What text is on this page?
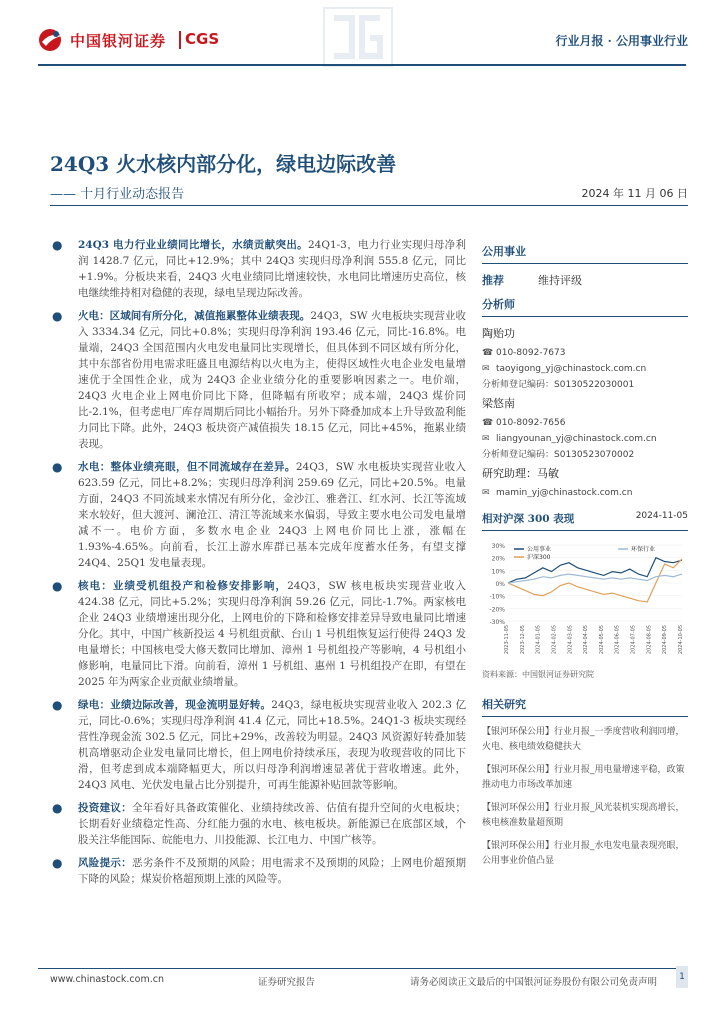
中国银河证券 CGS	行业月报 · 公用事业行业
24Q3 火水核内部分化，绿电边际改善
—— 十月行业动态报告	2024 年 11 月 06 日
● 24Q3 电力行业业绩同比增长，水绩贡献突出。24Q1-3，电力行业实现归母净利润 1428.7 亿元，同比+12.9%；其中 24Q3 实现归母净利润 555.8 亿元，同比+1.9%。分板块来看，24Q3 火电业绩同比增速较快，水电同比增速历史高位，核电继续维持相对稳健的表现，绿电呈现边际改善。
● 火电：区域间有所分化，减值拖累整体业绩表现。24Q3，SW 火电板块实现营业收入 3334.34 亿元，同比+0.8%；实现归母净利润 193.46 亿元，同比-16.8%。电量端，24Q3 全国范围内火电发电量同比实现增长，但具体到不同区域有所分化，其中东部省份用电需求旺盛且电源结构以火电为主，使得区域性火电企业发电量增速优于全国性企业，成为 24Q3 企业业绩分化的重要影响因素之一。电价端，24Q3 火电企业上网电价同比下降，但降幅有所收窄；成本端，24Q3 煤价同比-2.1%，但考虑电厂库存周期后同比小幅抬升。另外下降叠加成本上升导致盈利能力同比下降。此外，24Q3 板块资产减值损失 18.15 亿元，同比+45%，拖累业绩表现。
● 水电：整体业绩亮眼，但不同流域存在差异。24Q3，SW 水电板块实现营业收入 623.59 亿元，同比+8.2%；实现归母净利润 259.69 亿元，同比+20.5%。电量方面，24Q3 不同流域来水情况有所分化，金沙江、雅砻江、红水河、长江等流域来水较好，但大渡河、澜沧江、清江等流域来水偏弱，导致主要水电公司发电量增减不一。电价方面，多数水电企业 24Q3 上网电价同比上涨，涨幅在 1.93%-4.65%。向前看，长江上游水库群已基本完成年度蓄水任务，有望支撑 24Q4、25Q1 发电量表现。
● 核电：业绩受机组投产和检修安排影响，24Q3，SW 核电板块实现营业收入 424.38 亿元，同比+5.2%；实现归母净利润 59.26 亿元，同比-1.7%。两家核电企业 24Q3 业绩增速出现分化，上网电价的下降和检修安排差异导致电量同比增速分化。其中，中国广核新投运 4 号机组贡献、台山 1 号机组恢复运行使得 24Q3 发电量增长；中国核电受大修天数同比增加、漳州 1 号机组投产等影响，4 号机组小修影响，电量同比下滑。向前看，漳州 1 号机组、惠州 1 号机组投产在即，有望在 2025 年为两家企业贡献业绩增量。
● 绿电：业绩边际改善，现金流明显好转。24Q3，绿电板块实现营业收入 202.3 亿元，同比-0.6%；实现归母净利润 41.4 亿元，同比+18.5%。24Q1-3 板块实现经营性净现金流 302.5 亿元，同比+29%，改善较为明显。24Q3 风资源好转叠加装机高增驱动企业发电量同比增长，但上网电价持续承压，表现为收现营收的同比下滑，但考虑到成本端降幅更大，所以归母净利润增速显著优于营收增速。此外，24Q3 风电、光伏发电量占比分别提升，可再生能源补贴回款等影响。
● 投资建议：全年看好具备政策催化、业绩持续改善、估值有提升空间的火电板块；长期看好业绩稳定性高、分红能力强的水电、核电板块。新能源已在底部区域，个股关注华能国际、皖能电力、川投能源、长江电力、中国广核等。
● 风险提示：恶劣条件不及预期的风险；用电需求不及预期的风险；上网电价超预期下降的风险；煤炭价格超预期上涨的风险等。
公用事业
推荐	维持评级
分析师
陶贻功
☎ 010-8092-7673
✉ taoyigong_yj@chinastock.com.cn
分析师登记编码：S0130522030001
梁悠南
☎ 010-8092-7656
✉ liangyounan_yj@chinastock.com.cn
分析师登记编码：S0130523070002
研究助理：马敏
✉ mamin_yj@chinastock.com.cn
相对沪深 300 表现	2024-11-05
30%
20%
10%
0%
-10%
-20%
-30%
2023-11-05 2023-12-05 2024-01-05 2024-02-05 2024-03-05 2024-04-05 2024-05-05 2024-06-05 2024-07-05 2024-08-05 2024-09-05 2024-10-05
公用事业
沪深300
环保行业
资料来源：中国银河证券研究院
相关研究
【银河环保公用】行业月报_一季度营收利润同增，火电、核电绩效稳健扶大
【银河环保公用】行业月报_用电量增速平稳，政策推动电力市场改革加速
【银河环保公用】行业月报_风光装机实现高增长，核电核准数量超预期
【银河环保公用】行业月报_水电发电量表现亮眼，公用事业价值凸显
www.chinastock.com.cn	证券研究报告	请务必阅读正文最后的中国银河证券股份有限公司免责声明	1
